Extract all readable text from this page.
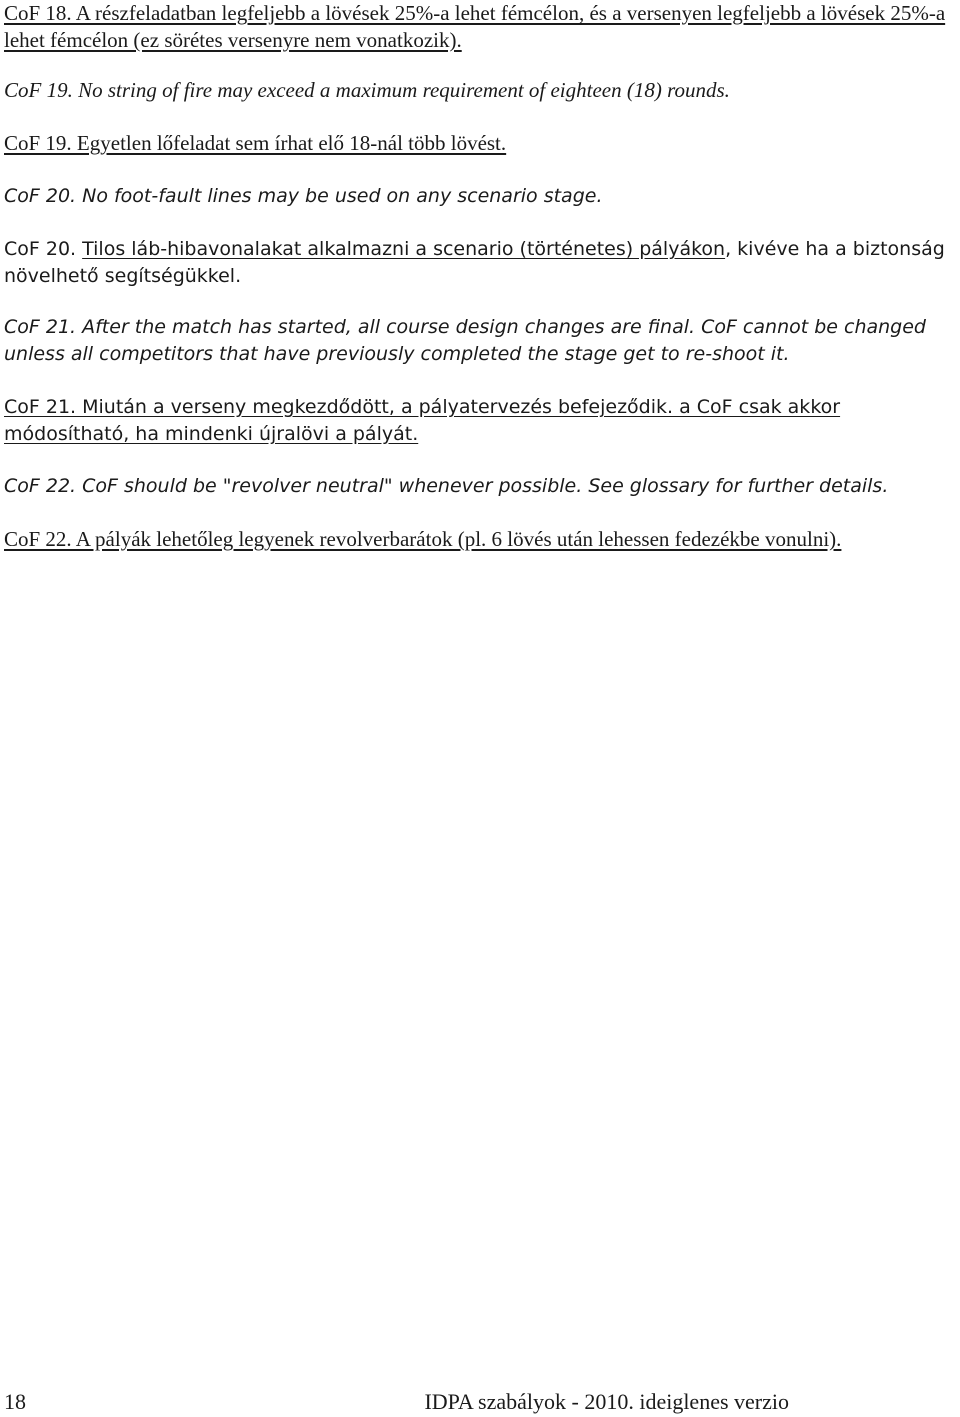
CoF 18. A részfeladatban legfeljebb a lövések 25%-a lehet fémcélon, és a versenyen legfeljebb a lövések 25%-a lehet fémcélon (ez sörétes versenyre nem vonatkozik).

CoF 19. No string of fire may exceed a maximum requirement of eighteen (18) rounds.

CoF 19. Egyetlen lőfeladat sem írhat elő 18-nál több lövést.

CoF 20. No foot-fault lines may be used on any scenario stage.

CoF 20. Tilos láb-hibavonalakat alkalmazni a scenario (történetes) pályákon, kivéve ha a biztonság növelhető segítségükkel.

CoF 21. After the match has started, all course design changes are final. CoF cannot be changed unless all competitors that have previously completed the stage get to re-shoot it.

CoF 21. Miután a verseny megkezdődött, a pályatervezés befejeződik. a CoF csak akkor módosítható, ha mindenki újralövi a pályát.

CoF 22. CoF should be "revolver neutral" whenever possible. See glossary for further details.

CoF 22. A pályák lehetőleg legyenek revolverbarátok (pl. 6 lövés után lehessen fedezékbe vonulni).

18	IDPA szabályok - 2010. ideiglenes verzio
